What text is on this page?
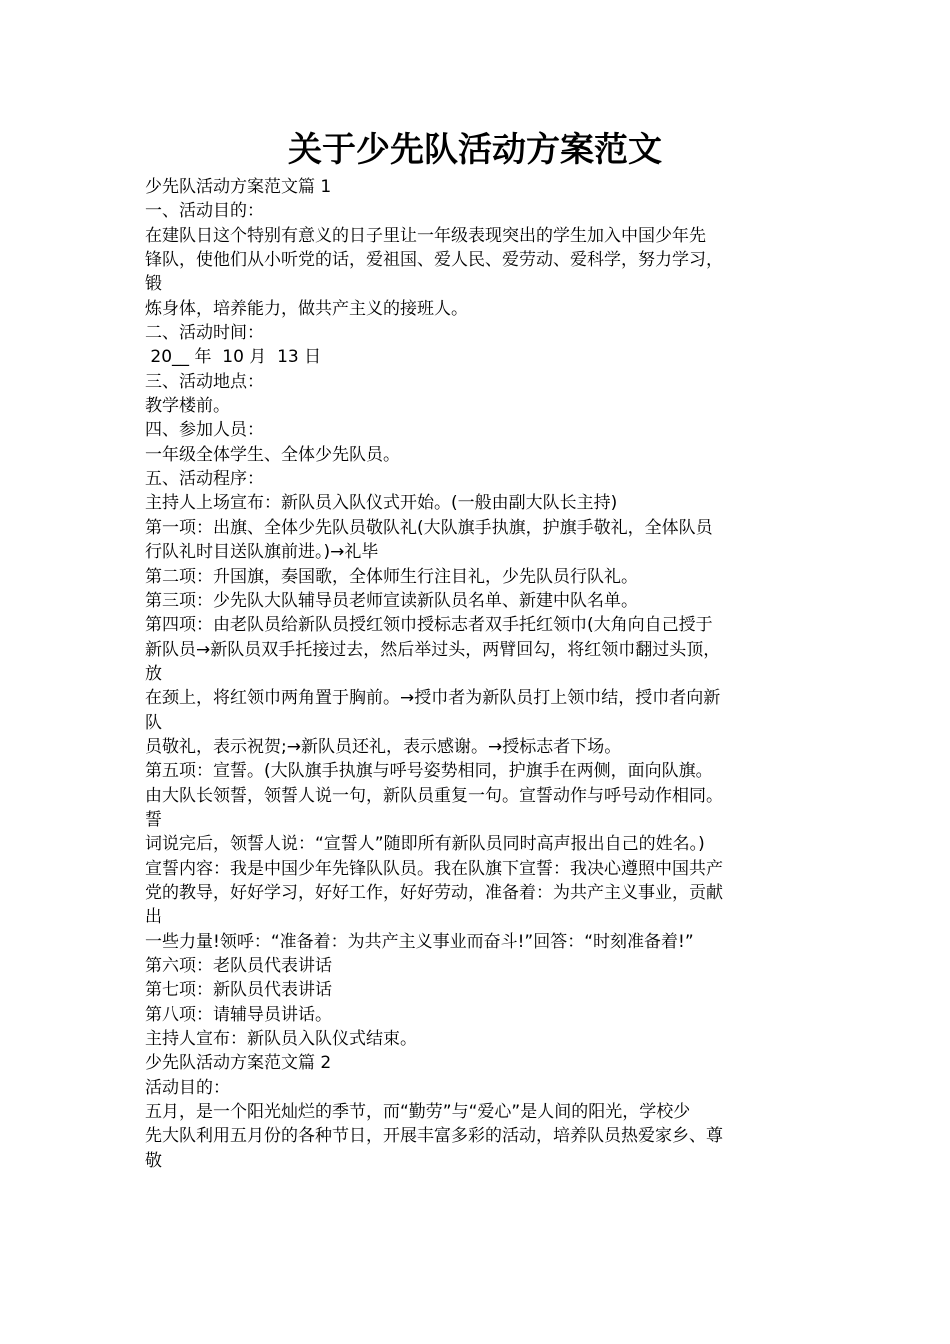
关于少先队活动方案范文
少先队活动方案范文篇 1
一、活动目的：
在建队日这个特别有意义的日子里让一年级表现突出的学生加入中国少年先
锋队，使他们从小听党的话，爱祖国、爱人民、爱劳动、爱科学，努力学习，
锻
炼身体，培养能力，做共产主义的接班人。
二、活动时间：
20__ 年  10 月  13 日
三、活动地点：
教学楼前。
四、参加人员：
一年级全体学生、全体少先队员。
五、活动程序：
主持人上场宣布：新队员入队仪式开始。(一般由副大队长主持)
第一项：出旗、全体少先队员敬队礼(大队旗手执旗，护旗手敬礼，全体队员
行队礼时目送队旗前进。)→礼毕
第二项：升国旗，奏国歌，全体师生行注目礼，少先队员行队礼。
第三项：少先队大队辅导员老师宣读新队员名单、新建中队名单。
第四项：由老队员给新队员授红领巾授标志者双手托红领巾(大角向自己授于
新队员→新队员双手托接过去，然后举过头，两臂回勾，将红领巾翻过头顶，
放
在颈上，将红领巾两角置于胸前。→授巾者为新队员打上领巾结，授巾者向新
队
员敬礼，表示祝贺;→新队员还礼，表示感谢。→授标志者下场。
第五项：宣誓。(大队旗手执旗与呼号姿势相同，护旗手在两侧，面向队旗。
由大队长领誓，领誓人说一句，新队员重复一句。宣誓动作与呼号动作相同。
誓
词说完后，领誓人说：“宣誓人”随即所有新队员同时高声报出自己的姓名。)
宣誓内容：我是中国少年先锋队队员。我在队旗下宣誓：我决心遵照中国共产
党的教导，好好学习，好好工作，好好劳动，准备着：为共产主义事业，贡献
出
一些力量!领呼：“准备着：为共产主义事业而奋斗!”回答：“时刻准备着!”
第六项：老队员代表讲话
第七项：新队员代表讲话
第八项：请辅导员讲话。
主持人宣布：新队员入队仪式结束。
少先队活动方案范文篇 2
活动目的：
五月，是一个阳光灿烂的季节，而“勤劳”与“爱心”是人间的阳光，学校少
先大队利用五月份的各种节日，开展丰富多彩的活动，培养队员热爱家乡、尊
敬
